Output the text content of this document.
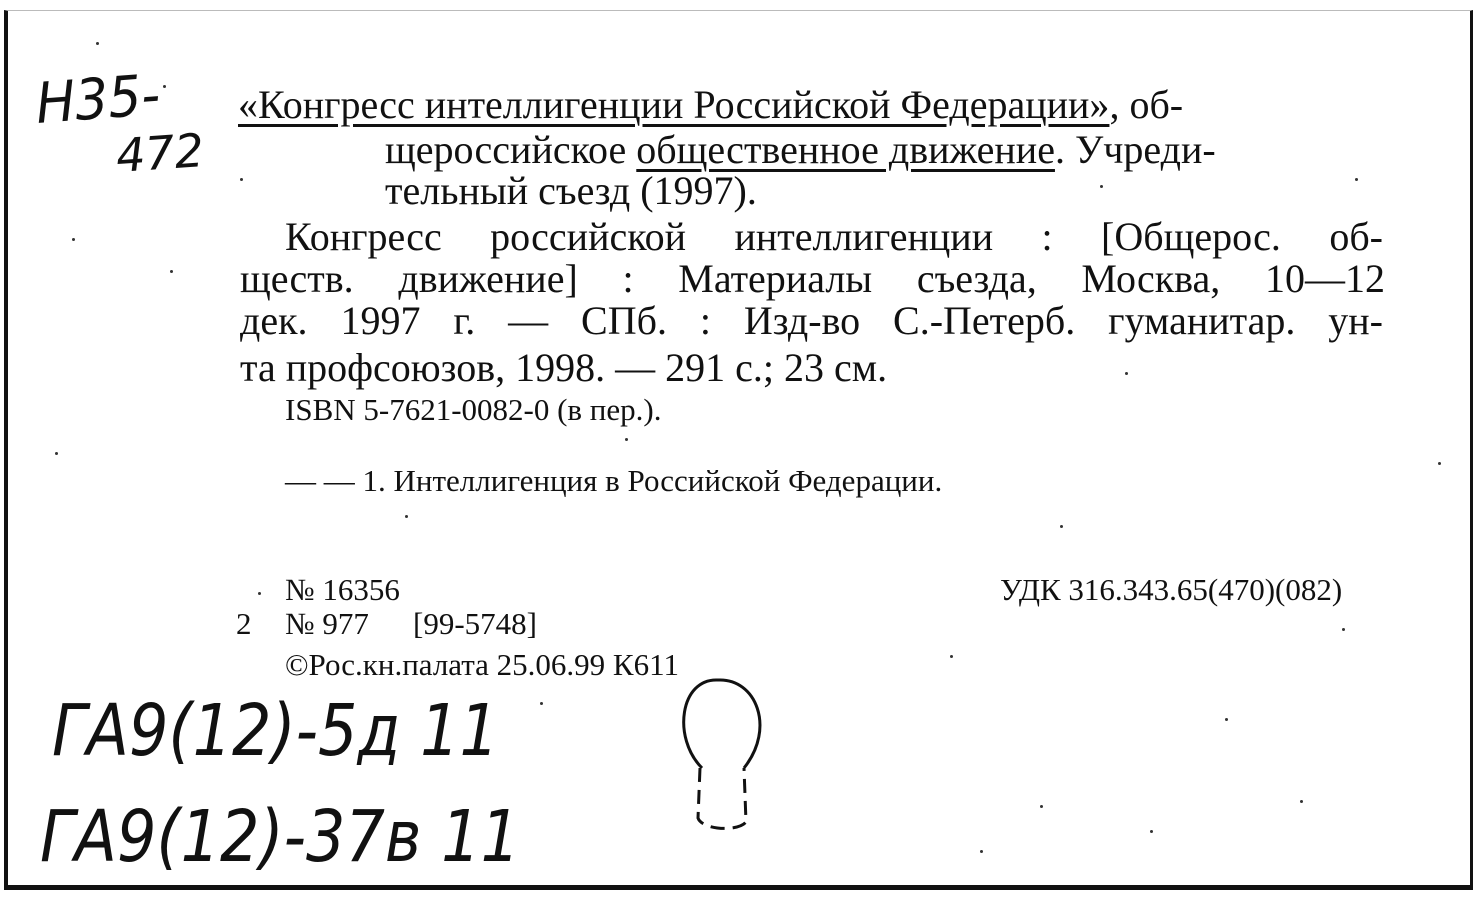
Н35-
472
«Конгресс интеллигенции Российской Федерации», об-
щероссийское общественное движение. Учреди-
тельный съезд (1997).
Конгресс российской интеллигенции : [Общерос. об-
ществ. движение] : Материалы съезда, Москва, 10—12
дек. 1997 г. — СПб. : Изд-во С.-Петерб. гуманитар. ун-
та профсоюзов, 1998. — 291 с.; 23 см.
ISBN 5-7621-0082-0 (в пер.).
— — 1. Интеллигенция в Российской Федерации.
№ 16356	УДК 316.343.65(470)(082)
2 № 977 [99-5748]
©Рос.кн.палата 25.06.99 К611
ГА9(12)-5д 11
ГА9(12)-37в 11
